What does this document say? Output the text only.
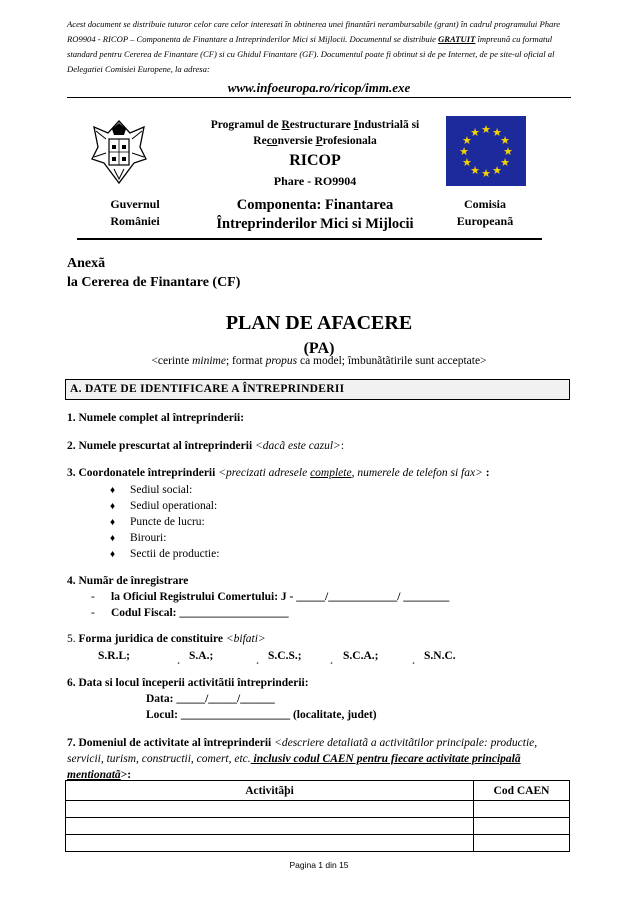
Acest document se distribuie tuturor celor care celor interesati în obtinerea unei finantãri nerambursabile (grant) în cadrul programului Phare RO9904 - RICOP – Componenta de Finantare a Intreprinderilor Mici si Mijlocii. Documentul se distribuie GRATUIT împreunã cu formatul standard pentru Cererea de Finantare (CF) si cu Ghidul Finantare (GF). Documentul poate fi obtinut si de pe Internet, de pe site-ul oficial al Delegatiei Comisiei Europene, la adresa:
www.infoeuropa.ro/ricop/imm.exe
Programul de Restructurare Industrialã si
Reconversie Profesionala
RICOP
Phare - RO9904
★ ★
★
★
★
★
★
★
★
★
★
★
Guvernul
României
Componenta: Finantarea
Întreprinderilor Mici si Mijlocii
Comisia
Europeanã
Anexã
la Cererea de Finantare (CF)
PLAN DE AFACERE
(PA)
<cerinte minime; format propus ca model; îmbunãtãtirile sunt acceptate>
A. DATE DE IDENTIFICARE A ÎNTREPRINDERII
1. Numele complet al întreprinderii:
2. Numele prescurtat al întreprinderii <dacã este cazul>:
3. Coordonatele întreprinderii <precizati adresele complete, numerele de telefon si fax> :
♦ Sediul social:
♦ Sediul operational:
♦ Puncte de lucru:
♦ Birouri:
♦ Sectii de productie:
4. Numãr de înregistrare
- la Oficiul Registrului Comertului: J - _____/____________/ ________
- Codul Fiscal: ___________________
5. Forma juridica de constituire <bifati>
S.R.L;	¸ S.A.;	¸ S.C.S.;	¸ S.C.A.;	¸ S.N.C.
6. Data si locul începerii activitãtii întreprinderii:
Data: _____/_____/______
Locul: ___________________ (localitate, judet)
7. Domeniul de activitate al întreprinderii <descriere detaliatã a activitãtilor principale: productie, servicii, turism, constructii, comert, etc. inclusiv codul CAEN pentru fiecare activitate principalã mentionatã>:
Activitãþi	Cod CAEN

Pagina 1 din 15
